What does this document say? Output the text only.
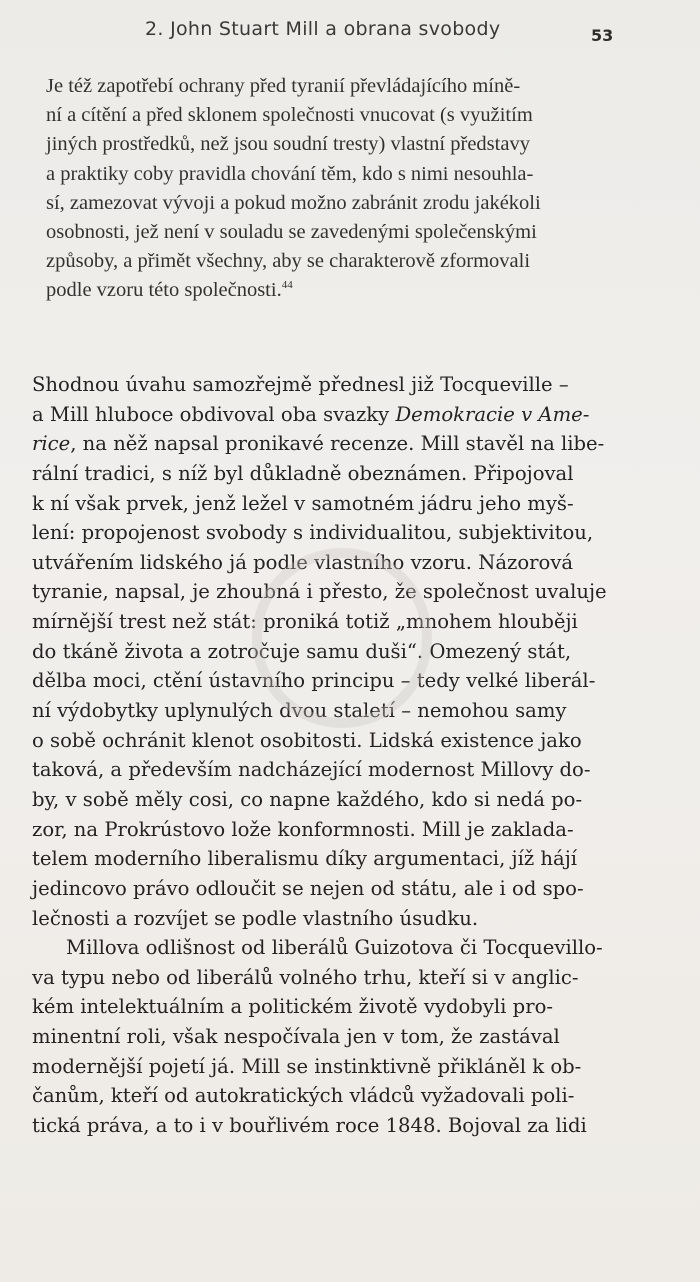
2. John Stuart Mill a obrana svobody	53
Je též zapotřebí ochrany před tyranií převládajícího míně-
ní a cítění a před sklonem společnosti vnucovat (s využitím
jiných prostředků, než jsou soudní tresty) vlastní představy
a praktiky coby pravidla chování těm, kdo s nimi nesouhla-
sí, zamezovat vývoji a pokud možno zabránit zrodu jakékoli
osobnosti, jež není v souladu se zavedenými společenskými
způsoby, a přimět všechny, aby se charakterově zformovali
podle vzoru této společnosti.$^{44}$
Shodnou úvahu samozřejmě přednesl již Tocqueville –
a Mill hluboce obdivoval oba svazky Demokracie v Ame-
rice, na něž napsal pronikavé recenze. Mill stavěl na libe-
rální tradici, s níž byl důkladně obeznámen. Připojoval
k ní však prvek, jenž ležel v samotném jádru jeho myš-
lení: propojenost svobody s individualitou, subjektivitou,
utvářením lidského já podle vlastního vzoru. Názorová
tyranie, napsal, je zhoubná i přesto, že společnost uvaluje
mírnější trest než stát: proniká totiž „mnohem hlouběji
do tkáně života a zotročuje samu duši“. Omezený stát,
dělba moci, ctění ústavního principu – tedy velké liberál-
ní výdobytky uplynulých dvou staletí – nemohou samy
o sobě ochránit klenot osobitosti. Lidská existence jako
taková, a především nadcházející modernost Millovy do-
by, v sobě měly cosi, co napne každého, kdo si nedá po-
zor, na Prokrústovo lože konformnosti. Mill je zaklada-
telem moderního liberalismu díky argumentaci, jíž hájí
jedincovo právo odloučit se nejen od státu, ale i od spo-
lečnosti a rozvíjet se podle vlastního úsudku.
Millova odlišnost od liberálů Guizotova či Tocquevillo-
va typu nebo od liberálů volného trhu, kteří si v anglic-
kém intelektuálním a politickém životě vydobyli pro-
minentní roli, však nespočívala jen v tom, že zastával
modernější pojetí já. Mill se instinktivně přikláněl k ob-
čanům, kteří od autokratických vládců vyžadovali poli-
tická práva, a to i v bouřlivém roce 1848. Bojoval za lidi
